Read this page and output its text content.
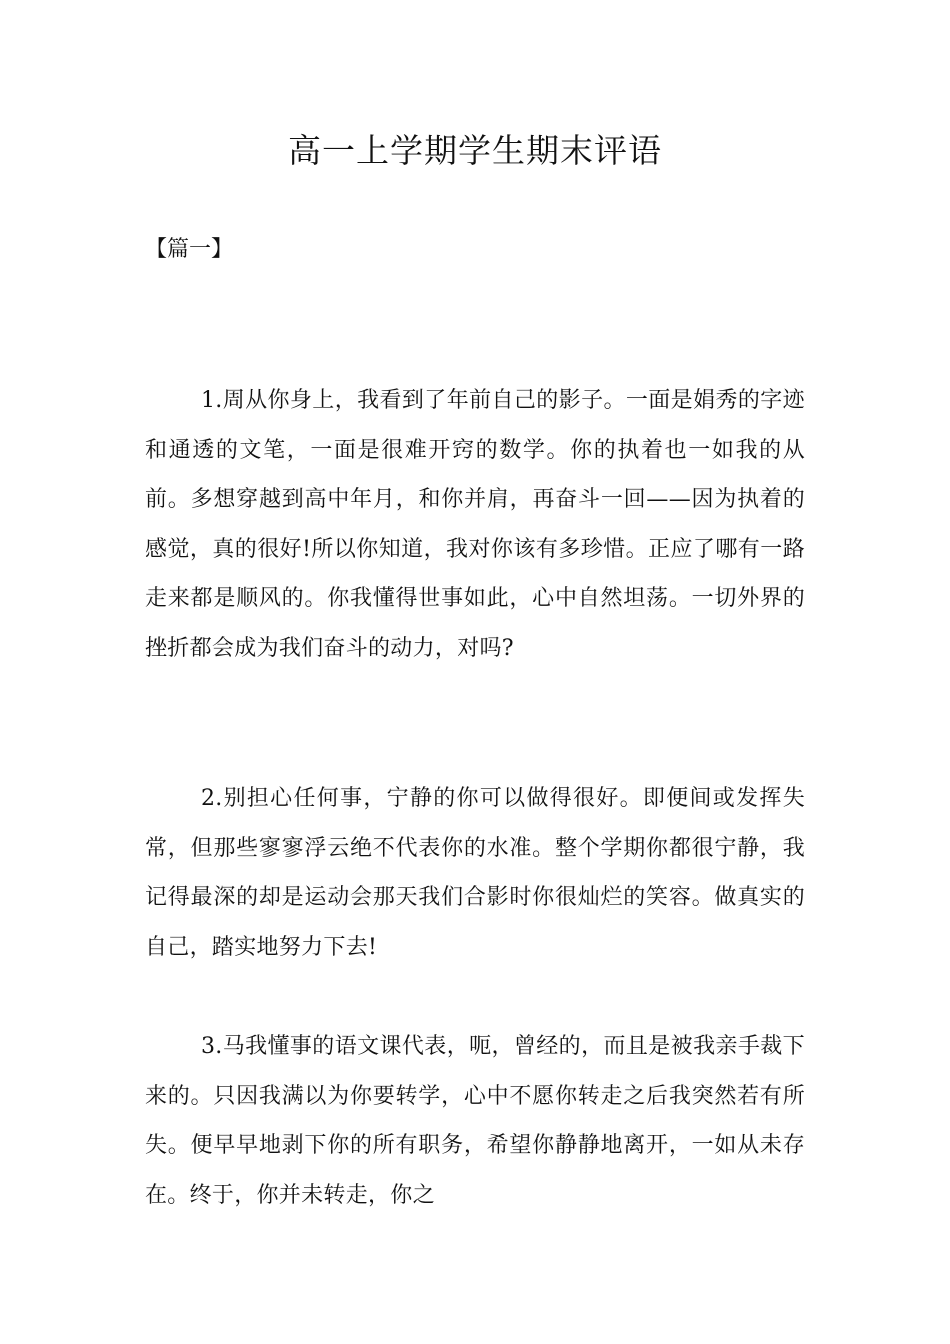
高一上学期学生期末评语

【篇一】

1.周从你身上，我看到了年前自己的影子。一面是娟秀的字迹和通透的文笔，一面是很难开窍的数学。你的执着也一如我的从前。多想穿越到高中年月，和你并肩，再奋斗一回——因为执着的感觉，真的很好!所以你知道，我对你该有多珍惜。正应了哪有一路走来都是顺风的。你我懂得世事如此，心中自然坦荡。一切外界的挫折都会成为我们奋斗的动力，对吗?

2.别担心任何事，宁静的你可以做得很好。即便间或发挥失常，但那些寥寥浮云绝不代表你的水准。整个学期你都很宁静，我记得最深的却是运动会那天我们合影时你很灿烂的笑容。做真实的自己，踏实地努力下去!

3.马我懂事的语文课代表，呃，曾经的，而且是被我亲手裁下来的。只因我满以为你要转学，心中不愿你转走之后我突然若有所失。便早早地剥下你的所有职务，希望你静静地离开，一如从未存在。终于，你并未转走，你之
